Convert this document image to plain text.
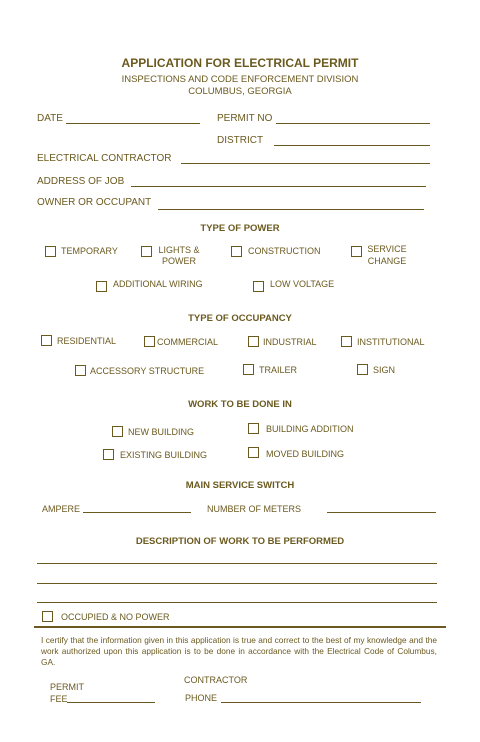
APPLICATION FOR ELECTRICAL PERMIT
INSPECTIONS AND CODE ENFORCEMENT DIVISION
COLUMBUS, GEORGIA
DATE	PERMIT NO
DISTRICT
ELECTRICAL CONTRACTOR
ADDRESS OF JOB
OWNER OR OCCUPANT
TYPE OF POWER
TEMPORARY	LIGHTS &
POWER
CONSTRUCTION	SERVICE
CHANGE
ADDITIONAL WIRING	LOW VOLTAGE
TYPE OF OCCUPANCY
RESIDENTIAL	COMMERCIAL	INDUSTRIAL	INSTITUTIONAL
ACCESSORY STRUCTURE	TRAILER	SIGN
WORK TO BE DONE IN
NEW BUILDING	BUILDING ADDITION
EXISTING BUILDING	MOVED BUILDING
MAIN SERVICE SWITCH
AMPERE	NUMBER OF METERS
DESCRIPTION OF WORK TO BE PERFORMED
OCCUPIED & NO POWER
I certify that the information given in this application is true and correct to the best of my knowledge and the work authorized upon this application is to be done in accordance with the Electrical Code of Columbus, GA.
PERMIT
FEE
CONTRACTOR
PHONE
